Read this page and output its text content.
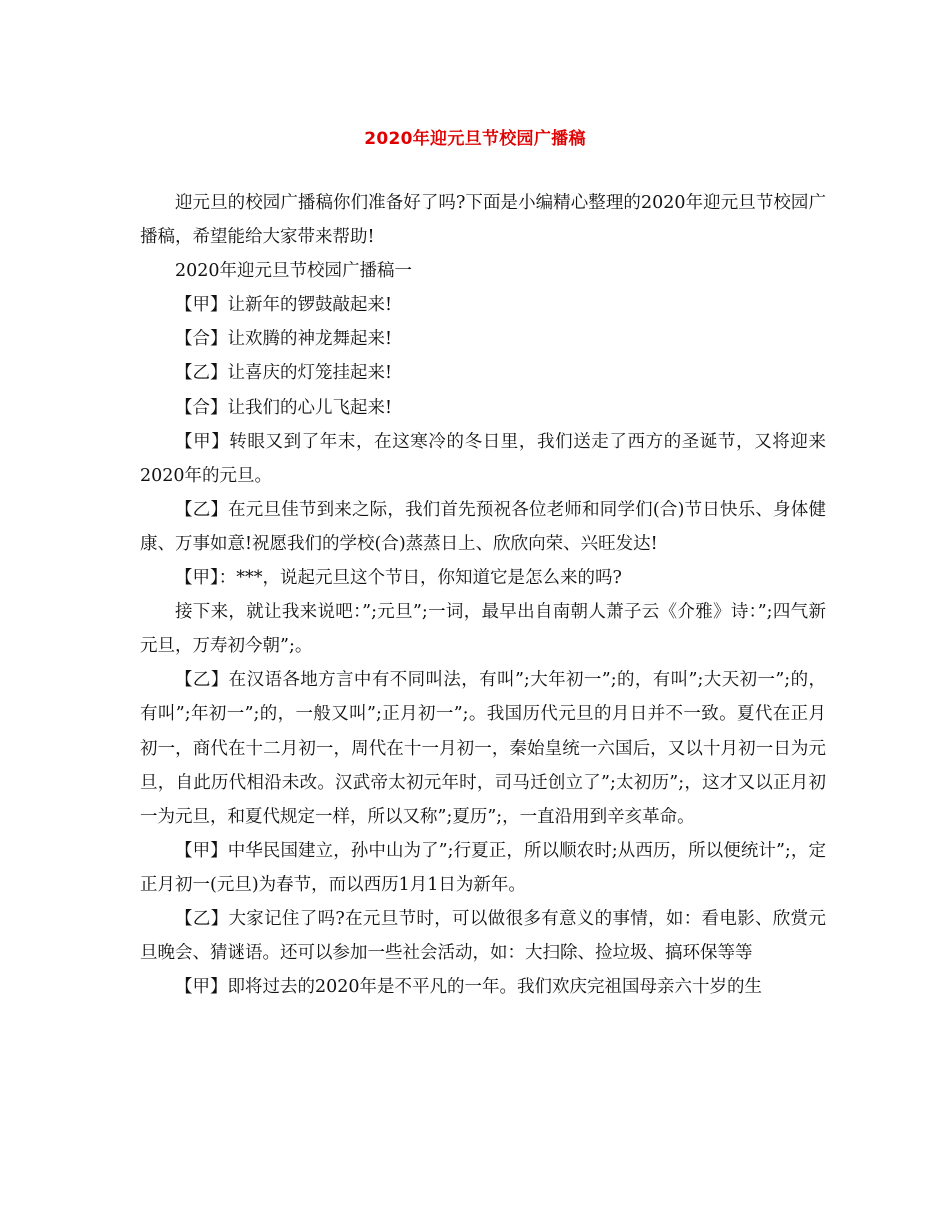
2020年迎元旦节校园广播稿

迎元旦的校园广播稿你们准备好了吗?下面是小编精心整理的2020年迎元旦节校园广播稿，希望能给大家带来帮助!

2020年迎元旦节校园广播稿一

【甲】让新年的锣鼓敲起来!

【合】让欢腾的神龙舞起来!

【乙】让喜庆的灯笼挂起来!

【合】让我们的心儿飞起来!

【甲】转眼又到了年末，在这寒冷的冬日里，我们送走了西方的圣诞节，又将迎来2020年的元旦。

【乙】在元旦佳节到来之际，我们首先预祝各位老师和同学们(合)节日快乐、身体健康、万事如意!祝愿我们的学校(合)蒸蒸日上、欣欣向荣、兴旺发达!

【甲】：***，说起元旦这个节日，你知道它是怎么来的吗?

接下来，就让我来说吧：”;元旦”;一词，最早出自南朝人萧子云《介雅》诗：”;四气新元旦，万寿初今朝”;。

【乙】在汉语各地方言中有不同叫法，有叫”;大年初一”;的，有叫”;大天初一”;的，有叫”;年初一”;的，一般又叫”;正月初一”;。我国历代元旦的月日并不一致。夏代在正月初一，商代在十二月初一，周代在十一月初一，秦始皇统一六国后，又以十月初一日为元旦，自此历代相沿未改。汉武帝太初元年时，司马迁创立了”;太初历”;，这才又以正月初一为元旦，和夏代规定一样，所以又称”;夏历”;，一直沿用到辛亥革命。

【甲】中华民国建立，孙中山为了”;行夏正，所以顺农时;从西历，所以便统计”;，定正月初一(元旦)为春节，而以西历1月1日为新年。

【乙】大家记住了吗?在元旦节时，可以做很多有意义的事情，如：看电影、欣赏元旦晚会、猜谜语。还可以参加一些社会活动，如：大扫除、捡垃圾、搞环保等等

【甲】即将过去的2020年是不平凡的一年。我们欢庆完祖国母亲六十岁的生
